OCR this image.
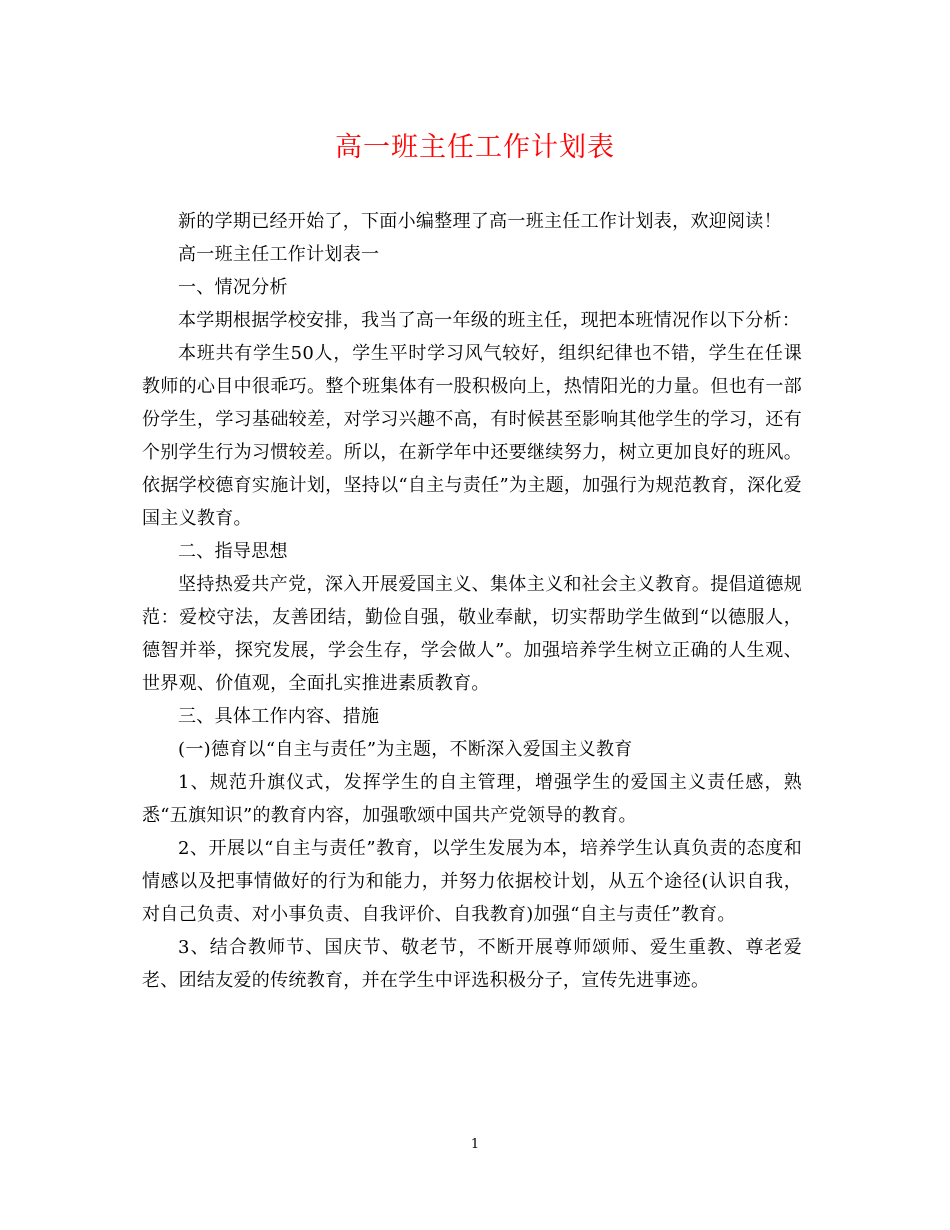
高一班主任工作计划表

新的学期已经开始了，下面小编整理了高一班主任工作计划表，欢迎阅读！

高一班主任工作计划表一

一、情况分析

本学期根据学校安排，我当了高一年级的班主任，现把本班情况作以下分析：

本班共有学生50人，学生平时学习风气较好，组织纪律也不错，学生在任课教师的心目中很乖巧。整个班集体有一股积极向上，热情阳光的力量。但也有一部份学生，学习基础较差，对学习兴趣不高，有时候甚至影响其他学生的学习，还有个别学生行为习惯较差。所以，在新学年中还要继续努力，树立更加良好的班风。依据学校德育实施计划，坚持以“自主与责任”为主题，加强行为规范教育，深化爱国主义教育。

二、指导思想

坚持热爱共产党，深入开展爱国主义、集体主义和社会主义教育。提倡道德规范：爱校守法，友善团结，勤俭自强，敬业奉献，切实帮助学生做到“以德服人，德智并举，探究发展，学会生存，学会做人”。加强培养学生树立正确的人生观、世界观、价值观，全面扎实推进素质教育。

三、具体工作内容、措施

(一)德育以“自主与责任”为主题，不断深入爱国主义教育

1、规范升旗仪式，发挥学生的自主管理，增强学生的爱国主义责任感，熟悉“五旗知识”的教育内容，加强歌颂中国共产党领导的教育。

2、开展以“自主与责任”教育，以学生发展为本，培养学生认真负责的态度和情感以及把事情做好的行为和能力，并努力依据校计划，从五个途径(认识自我，对自己负责、对小事负责、自我评价、自我教育)加强“自主与责任”教育。

3、结合教师节、国庆节、敬老节，不断开展尊师颂师、爱生重教、尊老爱老、团结友爱的传统教育，并在学生中评选积极分子，宣传先进事迹。

1
